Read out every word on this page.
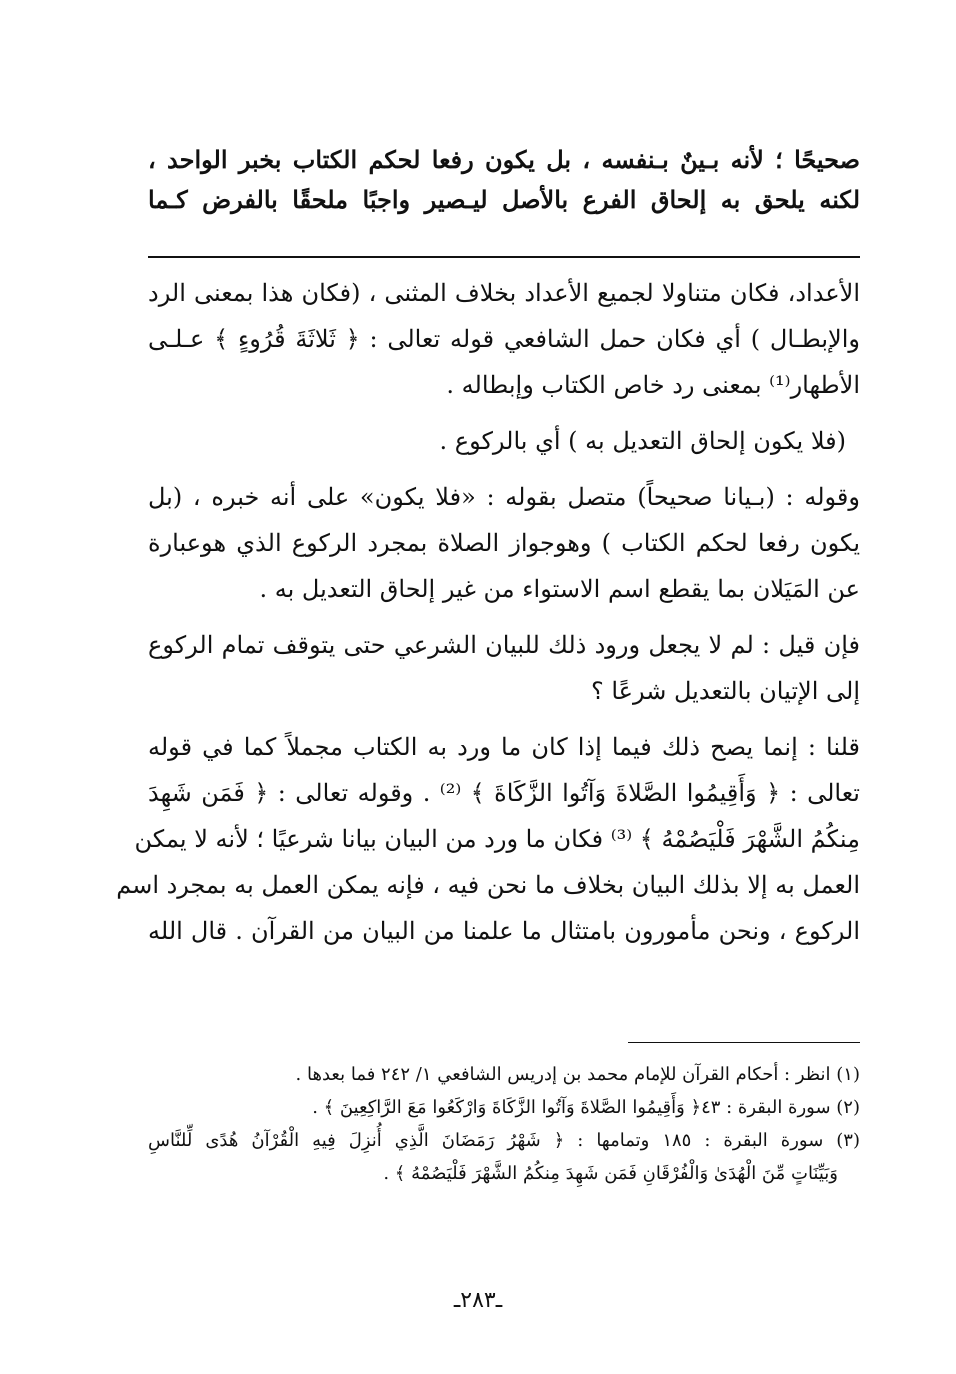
صحيحًا ؛ لأنه بـينٌ بـنفسه ، بل يكون رفعا لحكم الكتاب بخبر الواحد ،
لكنه يلحق به إلحاق الفرع بالأصل ليـصير واجبًا ملحقًا بالفرض كـما

الأعداد، فكان متناولا لجميع الأعداد بخلاف المثنى ، (فكان هذا بمعنى الرد
والإبطـال ) أي فكان حمل الشافعي قوله تعالى : ﴿ ثَلاثَةَ قُرُوءٍ ﴾ عـلـى
الأطهار⁽¹⁾ بمعنى رد خاص الكتاب وإبطاله .

(فلا يكون إلحاق التعديل به ) أي بالركوع .

وقوله : (بـيانا صحيحاً) متصل بقوله : «فلا يكون» على أنه خبره ، (بل
يكون رفعا لحكم الكتاب ) وهوجواز الصلاة بمجرد الركوع الذي هوعبارة
عن المَيَلان بما يقطع اسم الاستواء من غير إلحاق التعديل به .

فإن قيل : لم لا يجعل ورود ذلك للبيان الشرعي حتى يتوقف تمام الركوع
إلى الإتيان بالتعديل شرعًا ؟

قلنا : إنما يصح ذلك فيما إذا كان ما ورد به الكتاب مجملاً كما في قوله
تعالى : ﴿ وَأَقِيمُوا الصَّلاةَ وَآتُوا الزَّكَاةَ ﴾ ⁽²⁾ . وقوله تعالى : ﴿ فَمَن شَهِدَ
مِنكُمُ الشَّهْرَ فَلْيَصُمْهُ ﴾ ⁽³⁾ فكان ما ورد من البيان بيانا شرعيًا ؛ لأنه لا يمكن
العمل به إلا بذلك البيان بخلاف ما نحن فيه ، فإنه يمكن العمل به بمجرد اسم
الركوع ، ونحن مأمورون بامتثال ما علمنا من البيان من القرآن . قال الله

(١) انظر : أحكام القرآن للإمام محمد بن إدريس الشافعي ١/ ٢٤٢ فما بعدها .
(٢) سورة البقرة : ٤٣﴿ وَأَقِيمُوا الصَّلاةَ وَآتُوا الزَّكَاةَ وَارْكَعُوا مَعَ الرَّاكِعِينَ ﴾ .
(٣) سورة البقرة : ١٨٥ وتمامها : ﴿ شَهْرُ رَمَضَانَ الَّذِي أُنزِلَ فِيهِ الْقُرْآنُ هُدًى لِّلنَّاسِ
وَبَيِّنَاتٍ مِّنَ الْهُدَىٰ وَالْفُرْقَانِ فَمَن شَهِدَ مِنكُمُ الشَّهْرَ فَلْيَصُمْهُ ﴾ .
ـ٢٨٣ـ
